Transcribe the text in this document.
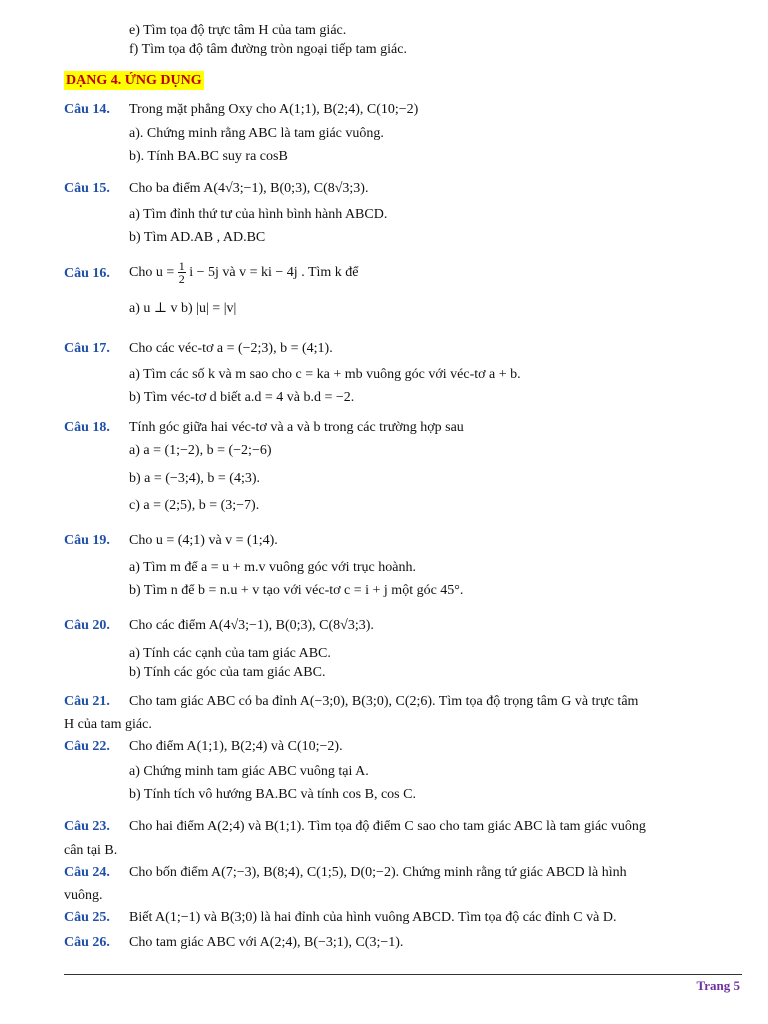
e) Tìm tọa độ trực tâm H của tam giác.
f) Tìm tọa độ tâm đường tròn ngoại tiếp tam giác.
DẠNG 4. ỨNG DỤNG
Câu 14. Trong mặt phẳng Oxy cho A(1;1), B(2;4), C(10;−2)
a). Chứng minh rằng ABC là tam giác vuông.
b). Tính BA.BC suy ra cosB
Câu 15. Cho ba điểm A(4√3;−1), B(0;3), C(8√3;3).
a) Tìm đỉnh thứ tư của hình bình hành ABCD.
b) Tìm AD.AB , AD.BC
Câu 16. Cho $u = \frac{1}{2}$ i − 5j và v = ki − 4j . Tìm k để
a) u ⊥ v b) |u| = |v|
Câu 17. Cho các véc-tơ a = (−2;3), b = (4;1).
a) Tìm các số k và m sao cho c = ka + mb vuông góc với véc-tơ a + b.
b) Tìm véc-tơ d biết a.d = 4 và b.d = −2.
Câu 18. Tính góc giữa hai véc-tơ và a và b trong các trường hợp sau
a) a = (1;−2), b = (−2;−6)
b) a = (−3;4), b = (4;3).
c) a = (2;5), b = (3;−7).
Câu 19. Cho u = (4;1) và v = (1;4).
a) Tìm m để a = u + m.v vuông góc với trục hoành.
b) Tìm n để b = n.u + v tạo với véc-tơ c = i + j một góc 45°.
Câu 20. Cho các điểm A(4√3;−1), B(0;3), C(8√3;3).
a) Tính các cạnh của tam giác ABC.
b) Tính các góc của tam giác ABC.
Câu 21. Cho tam giác ABC có ba đỉnh A(−3;0), B(3;0), C(2;6). Tìm tọa độ trọng tâm G và trực tâm
H của tam giác.
Câu 22. Cho điểm A(1;1), B(2;4) và C(10;−2).
a) Chứng minh tam giác ABC vuông tại A.
b) Tính tích vô hướng BA.BC và tính cos B, cos C.
Câu 23. Cho hai điểm A(2;4) và B(1;1). Tìm tọa độ điểm C sao cho tam giác ABC là tam giác vuông
cân tại B.
Câu 24. Cho bốn điểm A(7;−3), B(8;4), C(1;5), D(0;−2). Chứng minh rằng tứ giác ABCD là hình
vuông.
Câu 25. Biết A(1;−1) và B(3;0) là hai đỉnh của hình vuông ABCD. Tìm tọa độ các đỉnh C và D.
Câu 26. Cho tam giác ABC với A(2;4), B(−3;1), C(3;−1).
Trang 5
